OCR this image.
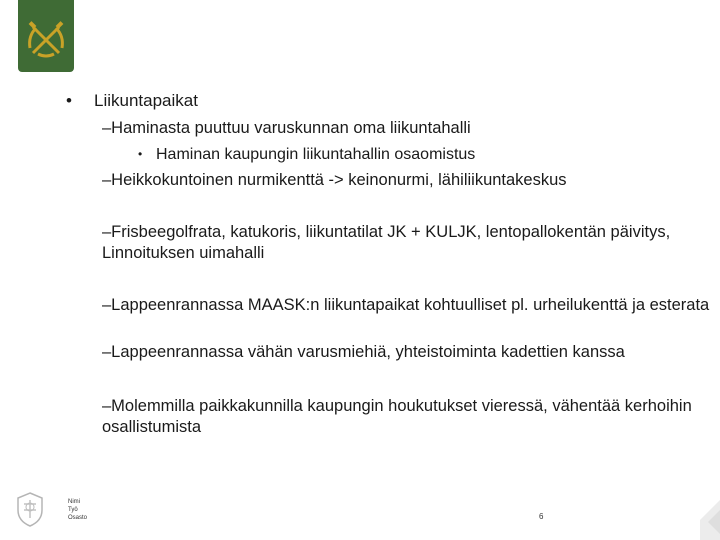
• Liikuntapaikat
–Haminasta puuttuu varuskunnan oma liikuntahalli
• Haminan kaupungin liikuntahallin osaomistus
–Heikkokuntoinen nurmikenttä -> keinonurmi, lähiliikuntakeskus
–Frisbeegolfrata, katukoris, liikuntatilat JK + KULJK, lentopallokentän päivitys, Linnoituksen uimahalli
–Lappeenrannassa MAASK:n liikuntapaikat kohtuulliset pl. urheilukenttä ja esterata
–Lappeenrannassa vähän varusmiehiä, yhteistoiminta kadettien kanssa
–Molemmilla paikkakunnilla kaupungin houkutukset vieressä, vähentää kerhoihin osallistumista
Nimi
Työ
Osasto	6
